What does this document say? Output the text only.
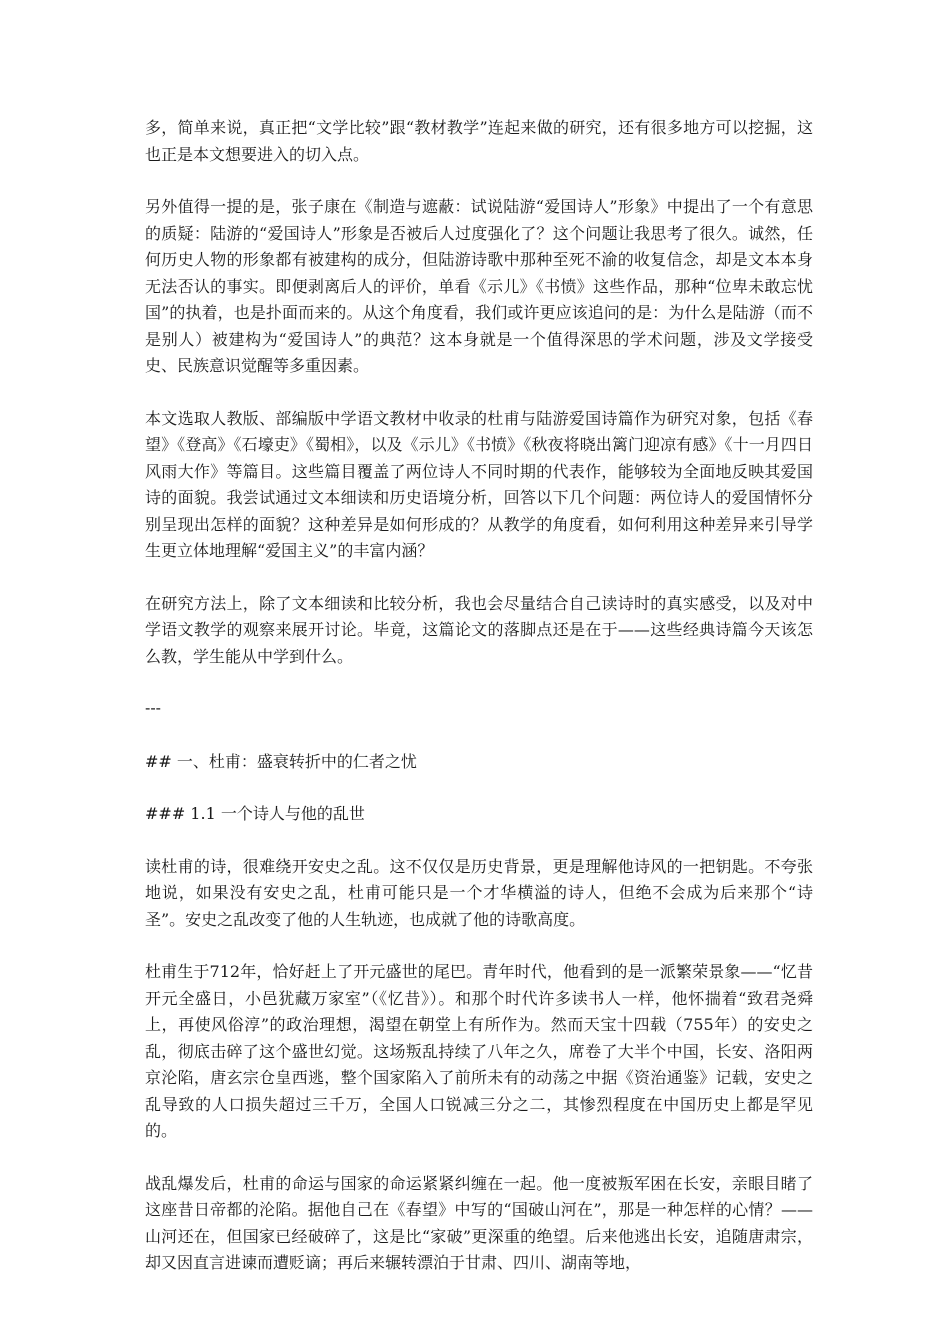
多，简单来说，真正把“文学比较”跟“教材教学”连起来做的研究，还有很多地方可以挖掘，这也正是本文想要进入的切入点。

另外值得一提的是，张子康在《制造与遮蔽：试说陆游“爱国诗人”形象》中提出了一个有意思的质疑：陆游的“爱国诗人”形象是否被后人过度强化了？这个问题让我思考了很久。诚然，任何历史人物的形象都有被建构的成分，但陆游诗歌中那种至死不渝的收复信念，却是文本本身无法否认的事实。即便剥离后人的评价，单看《示儿》《书愤》这些作品，那种“位卑未敢忘忧国”的执着，也是扑面而来的。从这个角度看，我们或许更应该追问的是：为什么是陆游（而不是别人）被建构为“爱国诗人”的典范？这本身就是一个值得深思的学术问题，涉及文学接受史、民族意识觉醒等多重因素。

本文选取人教版、部编版中学语文教材中收录的杜甫与陆游爱国诗篇作为研究对象，包括《春望》《登高》《石壕吏》《蜀相》，以及《示儿》《书愤》《秋夜将晓出篱门迎凉有感》《十一月四日风雨大作》等篇目。这些篇目覆盖了两位诗人不同时期的代表作，能够较为全面地反映其爱国诗的面貌。我尝试通过文本细读和历史语境分析，回答以下几个问题：两位诗人的爱国情怀分别呈现出怎样的面貌？这种差异是如何形成的？从教学的角度看，如何利用这种差异来引导学生更立体地理解“爱国主义”的丰富内涵？

在研究方法上，除了文本细读和比较分析，我也会尽量结合自己读诗时的真实感受，以及对中学语文教学的观察来展开讨论。毕竟，这篇论文的落脚点还是在于——这些经典诗篇今天该怎么教，学生能从中学到什么。

---

## 一、杜甫：盛衰转折中的仁者之忧

### 1.1 一个诗人与他的乱世

读杜甫的诗，很难绕开安史之乱。这不仅仅是历史背景，更是理解他诗风的一把钥匙。不夸张地说，如果没有安史之乱，杜甫可能只是一个才华横溢的诗人，但绝不会成为后来那个“诗圣”。安史之乱改变了他的人生轨迹，也成就了他的诗歌高度。

杜甫生于712年，恰好赶上了开元盛世的尾巴。青年时代，他看到的是一派繁荣景象——“忆昔开元全盛日，小邑犹藏万家室”（《忆昔》）。和那个时代许多读书人一样，他怀揣着“致君尧舜上，再使风俗淳”的政治理想，渴望在朝堂上有所作为。然而天宝十四载（755年）的安史之乱，彻底击碎了这个盛世幻觉。这场叛乱持续了八年之久，席卷了大半个中国，长安、洛阳两京沦陷，唐玄宗仓皇西逃，整个国家陷入了前所未有的动荡之中据《资治通鉴》记载，安史之乱导致的人口损失超过三千万，全国人口锐减三分之二，其惨烈程度在中国历史上都是罕见的。

战乱爆发后，杜甫的命运与国家的命运紧紧纠缠在一起。他一度被叛军困在长安，亲眼目睹了这座昔日帝都的沦陷。据他自己在《春望》中写的“国破山河在”，那是一种怎样的心情？——山河还在，但国家已经破碎了，这是比“家破”更深重的绝望。后来他逃出长安，追随唐肃宗，却又因直言进谏而遭贬谪；再后来辗转漂泊于甘肃、四川、湖南等地，
